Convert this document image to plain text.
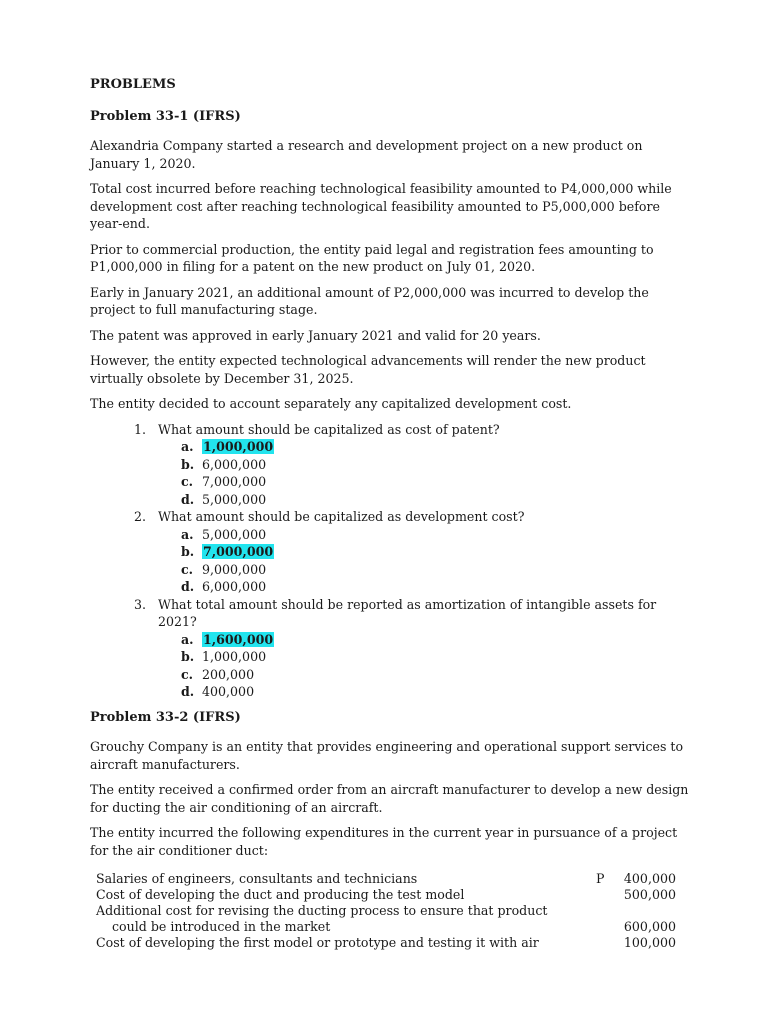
PROBLEMS
Problem 33-1 (IFRS)

Alexandria Company started a research and development project on a new product on January 1, 2020.

Total cost incurred before reaching technological feasibility amounted to P4,000,000 while development cost after reaching technological feasibility amounted to P5,000,000 before year-end.

Prior to commercial production, the entity paid legal and registration fees amounting to P1,000,000 in filing for a patent on the new product on July 01, 2020.

Early in January 2021, an additional amount of P2,000,000 was incurred to develop the project to full manufacturing stage.

The patent was approved in early January 2021 and valid for 20 years.

However, the entity expected technological advancements will render the new product virtually obsolete by December 31, 2025.

The entity decided to account separately any capitalized development cost.

1. What amount should be capitalized as cost of patent?
a. 1,000,000
b. 6,000,000
c. 7,000,000
d. 5,000,000
2. What amount should be capitalized as development cost?
a. 5,000,000
b. 7,000,000
c. 9,000,000
d. 6,000,000
3. What total amount should be reported as amortization of intangible assets for 2021?
a. 1,600,000
b. 1,000,000
c. 200,000
d. 400,000
Problem 33-2 (IFRS)

Grouchy Company is an entity that provides engineering and operational support services to aircraft manufacturers.

The entity received a confirmed order from an aircraft manufacturer to develop a new design for ducting the air conditioning of an aircraft.

The entity incurred the following expenditures in the current year in pursuance of a project for the air conditioner duct:

Salaries of engineers, consultants and technicians	P	400,000
Cost of developing the duct and producing the test model		500,000
Additional cost for revising the ducting process to ensure that product		
could be introduced in the market		600,000
Cost of developing the first model or prototype and testing it with air		100,000
